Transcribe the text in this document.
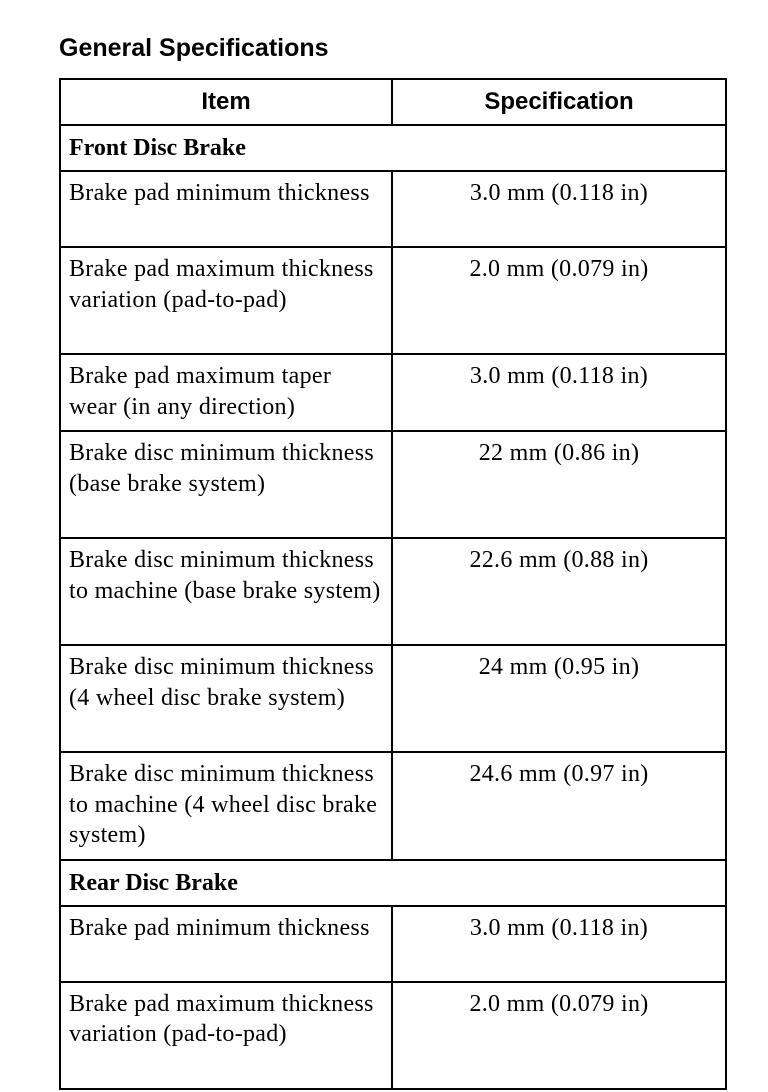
General Specifications
Item	Specification
Front Disc Brake	
Brake pad minimum thickness	3.0 mm (0.118 in)
Brake pad maximum thickness variation (pad-to-pad)	2.0 mm (0.079 in)
Brake pad maximum taper wear (in any direction)	3.0 mm (0.118 in)
Brake disc minimum thickness (base brake system)	22 mm (0.86 in)
Brake disc minimum thickness to machine (base brake system)	22.6 mm (0.88 in)
Brake disc minimum thickness (4 wheel disc brake system)	24 mm (0.95 in)
Brake disc minimum thickness to machine (4 wheel disc brake system)	24.6 mm (0.97 in)
Rear Disc Brake	
Brake pad minimum thickness	3.0 mm (0.118 in)
Brake pad maximum thickness variation (pad-to-pad)	2.0 mm (0.079 in)
